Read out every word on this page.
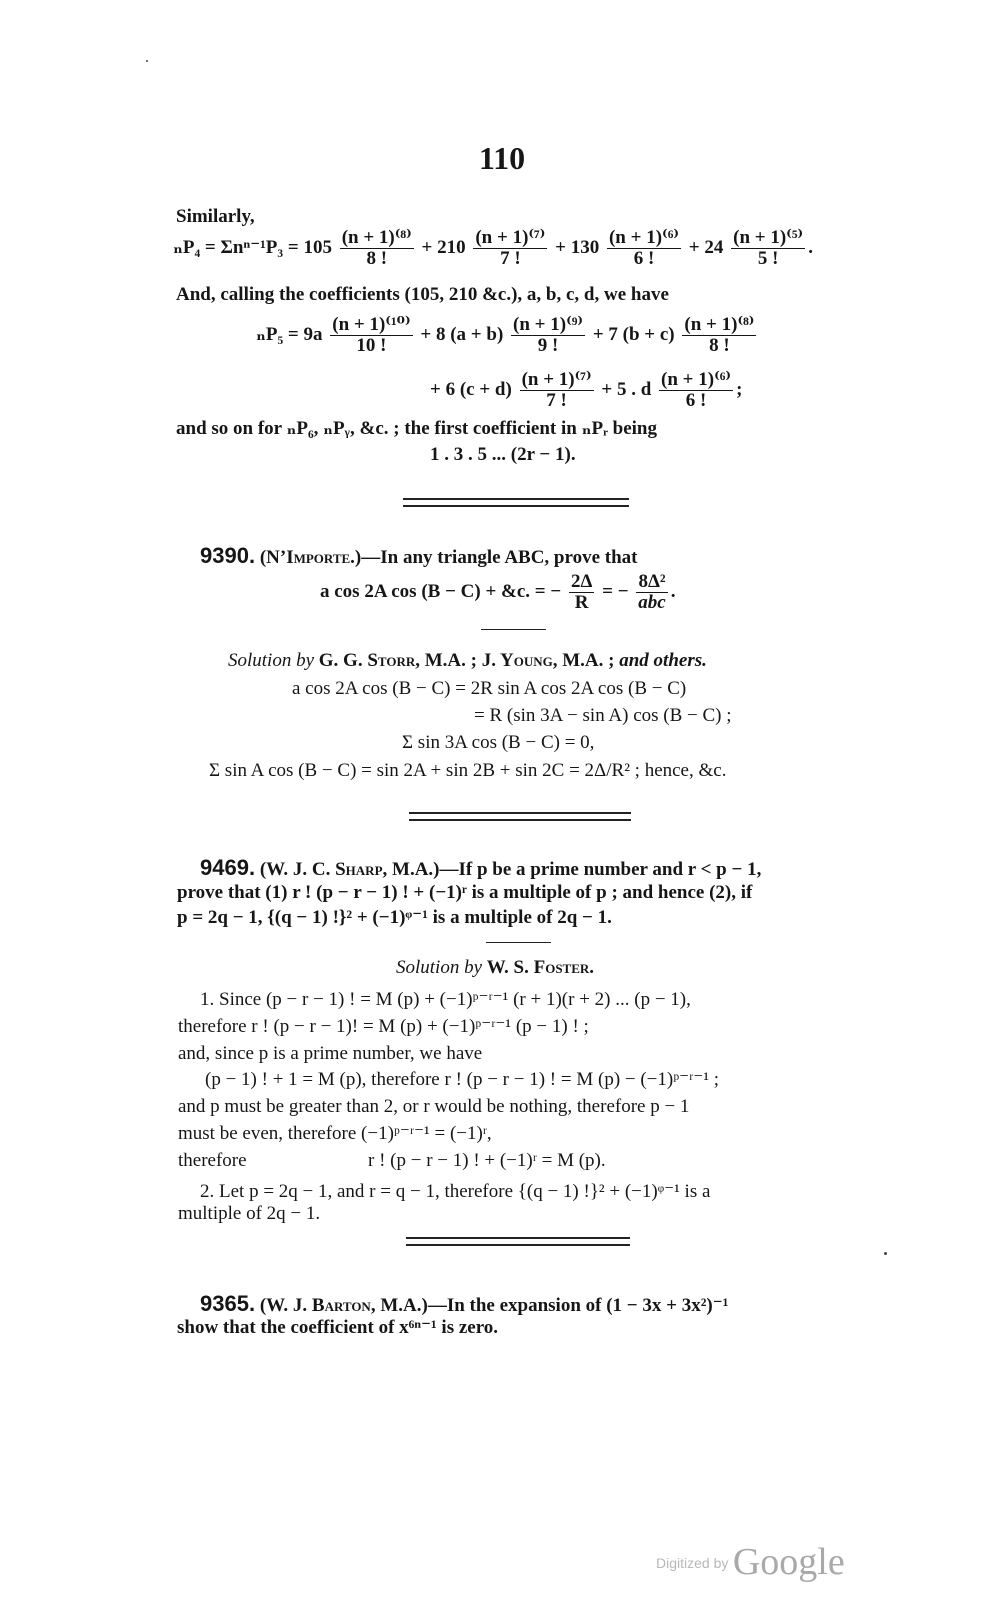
110
Similarly,
$_nP_4 = \Sigma n^{n-1}P_3 = 105 \frac{\text{(n + 1)⁽⁸⁾}}{8 !} + 210 \frac{\text{(n + 1)⁽⁷⁾}}{7 !} + 130 \frac{\text{(n + 1)⁽⁶⁾}}{6 !} + 24 \frac{\text{(n + 1)⁽⁵⁾}}{5 !}$ .
And, calling the coefficients (105, 210 &c.), a, b, c, d, we have
$_nP_5 = 9a \frac{\text{(n + 1)⁽¹⁰⁾}}{10 !} + 8$ $(a + b) \frac{\text{(n + 1)⁽⁹⁾}}{9 !} + 7$ $(b + c) \frac{\text{(n + 1)⁽⁸⁾}}{8 !}$
+ 6 $(c + d) \frac{\text{(n + 1)⁽⁷⁾}}{7 !} + 5$ . d $\frac{\text{(n + 1)⁽⁶⁾}}{6 !}$ ;
and so on for ₙP₆, ₙPᵧ, &c. ; the first coefficient in ₙPᵣ being
1 . 3 . 5 ... (2r − 1).
9390. (N’Importe.)—In any triangle ABC, prove that
a cos 2A cos (B − C) + &c. = − $\frac{2\Delta}{R}$ = − $\frac{\text{8Δ²}}{\text{abc}}$ .
Solution by G. G. Storr, M.A. ; J. Young, M.A. ; and others.
a cos 2A cos (B − C) = 2R sin A cos 2A cos (B − C)
= R (sin 3A − sin A) cos (B − C) ;
Σ sin 3A cos (B − C) = 0,
Σ sin A cos (B − C) = sin 2A + sin 2B + sin 2C = 2Δ/R² ; hence, &c.
9469. (W. J. C. Sharp, M.A.)—If p be a prime number and r < p − 1,
prove that (1) r ! (p − r − 1) ! + (−1)ʳ is a multiple of p ; and hence (2), if
p = 2q − 1, {(q − 1) !}² + (−1)ᵠ⁻¹ is a multiple of 2q − 1.
Solution by W. S. Foster.
1. Since (p − r − 1) ! = M (p) + (−1)ᵖ⁻ʳ⁻¹ (r + 1)(r + 2) ... (p − 1),
therefore r ! (p − r − 1)! = M (p) + (−1)ᵖ⁻ʳ⁻¹ (p − 1) ! ;
and, since p is a prime number, we have
(p − 1) ! + 1 = M (p), therefore r ! (p − r − 1) ! = M (p) − (−1)ᵖ⁻ʳ⁻¹ ;
and p must be greater than 2, or r would be nothing, therefore p − 1
must be even, therefore (−1)ᵖ⁻ʳ⁻¹ = (−1)ʳ,
therefore	r ! (p − r − 1) ! + (−1)ʳ = M (p).
2. Let p = 2q − 1, and r = q − 1, therefore {(q − 1) !}² + (−1)ᵠ⁻¹ is a
multiple of 2q − 1.
9365. (W. J. Barton, M.A.)—In the expansion of (1 − 3x + 3x²)⁻¹
show that the coefficient of x⁶ⁿ⁻¹ is zero.
Digitized by Google
